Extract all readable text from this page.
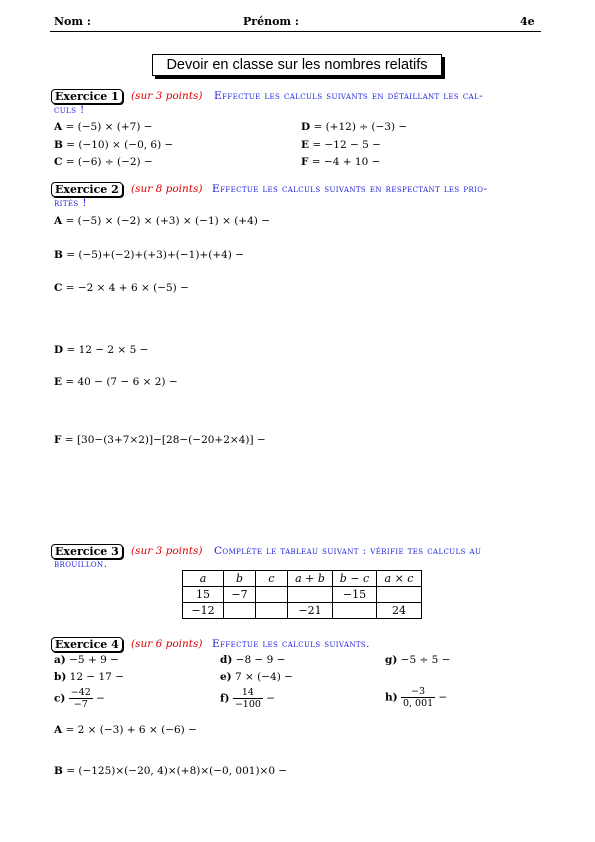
Nom :	Prénom :	4e
Devoir en classe sur les nombres relatifs
Exercice 1	(sur 3 points) Effectue les calculs suivants en détaillant les cal-
culs !
A = (−5) × (+7) −	D = (+12) ÷ (−3) −
B = (−10) × (−0, 6) −	E = −12 − 5 −
C = (−6) ÷ (−2) −	F = −4 + 10 −
Exercice 2	(sur 8 points) Effectue les calculs suivants en respectant les prio-
rités !
A = (−5) × (−2) × (+3) × (−1) × (+4) −
B = (−5)+(−2)+(+3)+(−1)+(+4) −
C = −2 × 4 + 6 × (−5) −
D = 12 − 2 × 5 −
E = 40 − (7 − 6 × 2) −
F = [30−(3+7×2)]−[28−(−20+2×4)] −
Exercice 3	(sur 3 points) Complète le tableau suivant : vérifie tes calculs au
brouillon.
a	b	c	a + b	b − c	a × c
15	−7			−15	
−12			−21		24
Exercice 4	(sur 6 points) Effectue les calculs suivants.
a) −5 + 9 −
b) 12 − 17 −
$c) \frac{-42}{-7}$ −
d) −8 − 9 −
e) 7 × (−4) −
$f) \frac{14}{-100}$ −
g) −5 ÷ 5 −
$h) \frac{-3}{0, 001}$ −
A = 2 × (−3) + 6 × (−6) −
B = (−125)×(−20, 4)×(+8)×(−0, 001)×0 −
